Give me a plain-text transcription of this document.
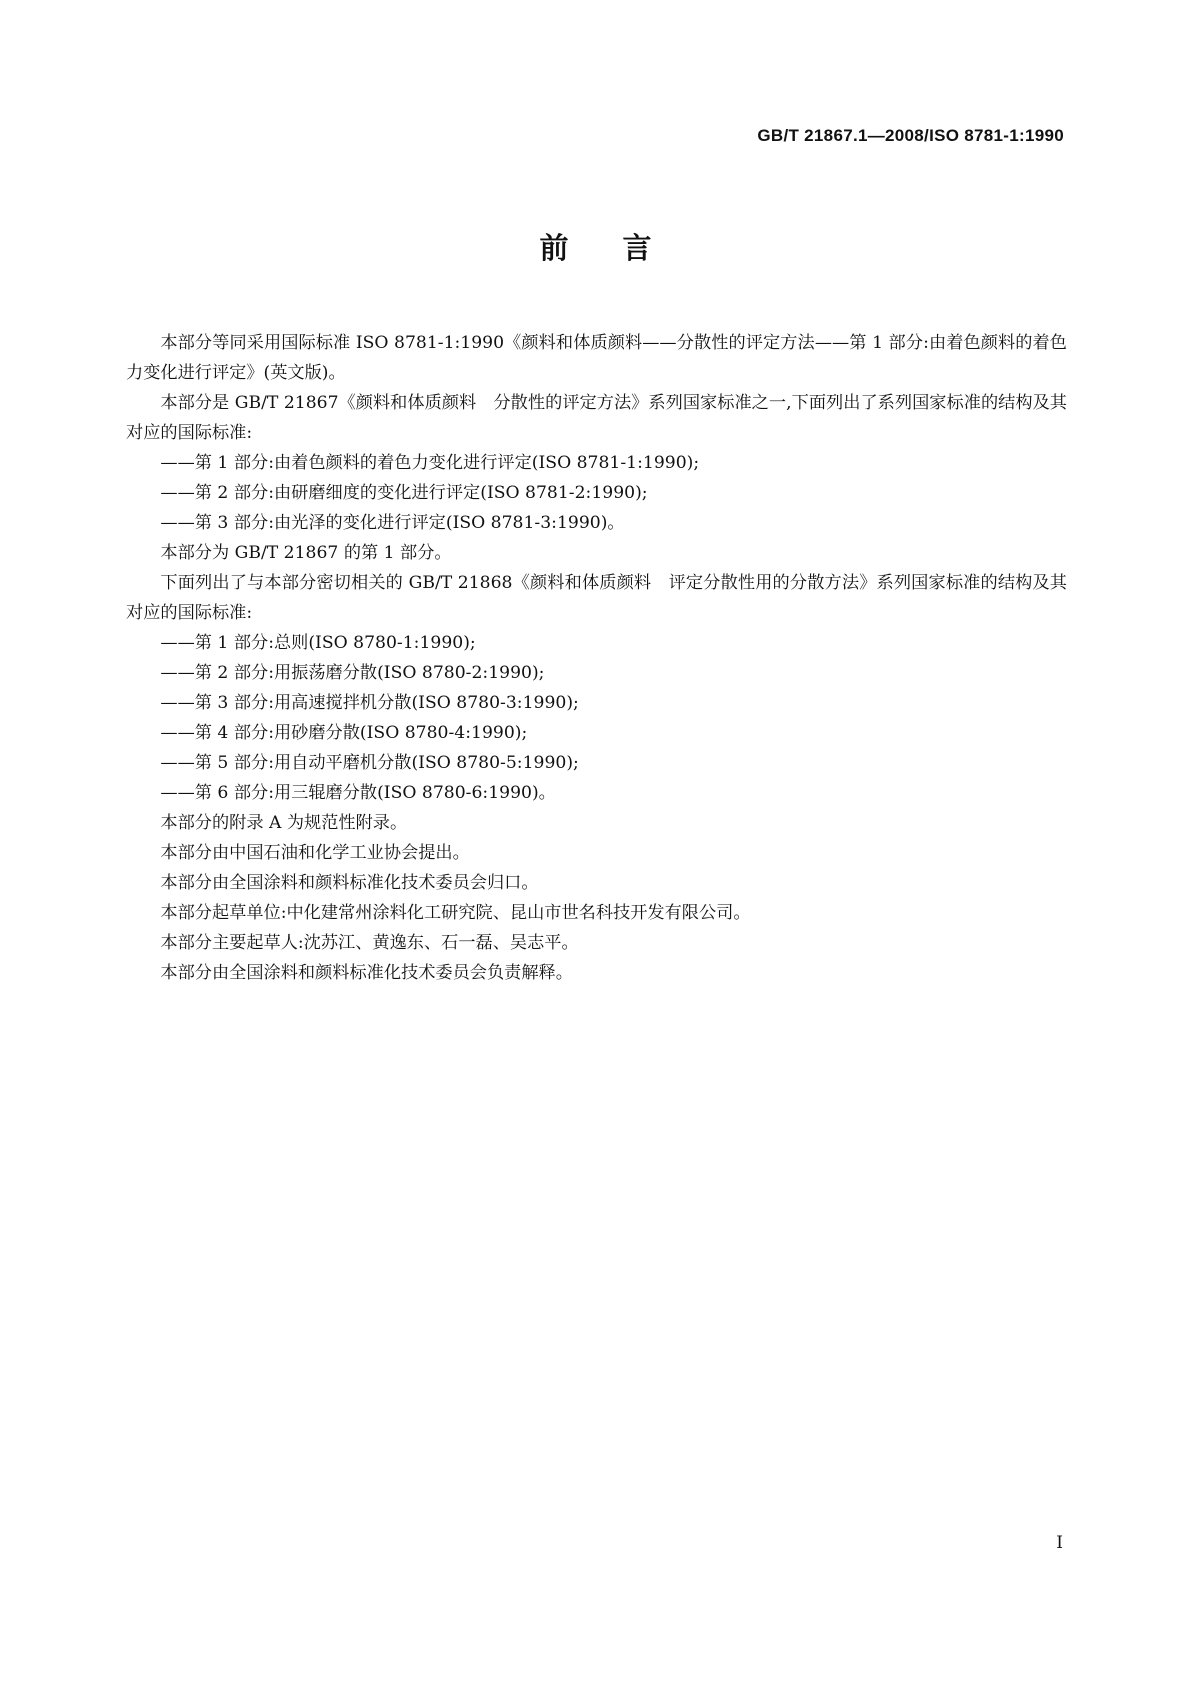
GB/T 21867.1—2008/ISO 8781-1:1990
前言

本部分等同采用国际标准 ISO 8781-1:1990《颜料和体质颜料——分散性的评定方法——第 1 部分:由着色颜料的着色力变化进行评定》(英文版)。

本部分是 GB/T 21867《颜料和体质颜料　分散性的评定方法》系列国家标准之一,下面列出了系列国家标准的结构及其对应的国际标准:

——第 1 部分:由着色颜料的着色力变化进行评定(ISO 8781-1:1990);

——第 2 部分:由研磨细度的变化进行评定(ISO 8781-2:1990);

——第 3 部分:由光泽的变化进行评定(ISO 8781-3:1990)。

本部分为 GB/T 21867 的第 1 部分。

下面列出了与本部分密切相关的 GB/T 21868《颜料和体质颜料　评定分散性用的分散方法》系列国家标准的结构及其对应的国际标准:

——第 1 部分:总则(ISO 8780-1:1990);

——第 2 部分:用振荡磨分散(ISO 8780-2:1990);

——第 3 部分:用高速搅拌机分散(ISO 8780-3:1990);

——第 4 部分:用砂磨分散(ISO 8780-4:1990);

——第 5 部分:用自动平磨机分散(ISO 8780-5:1990);

——第 6 部分:用三辊磨分散(ISO 8780-6:1990)。

本部分的附录 A 为规范性附录。

本部分由中国石油和化学工业协会提出。

本部分由全国涂料和颜料标准化技术委员会归口。

本部分起草单位:中化建常州涂料化工研究院、昆山市世名科技开发有限公司。

本部分主要起草人:沈苏江、黄逸东、石一磊、吴志平。

本部分由全国涂料和颜料标准化技术委员会负责解释。

I
